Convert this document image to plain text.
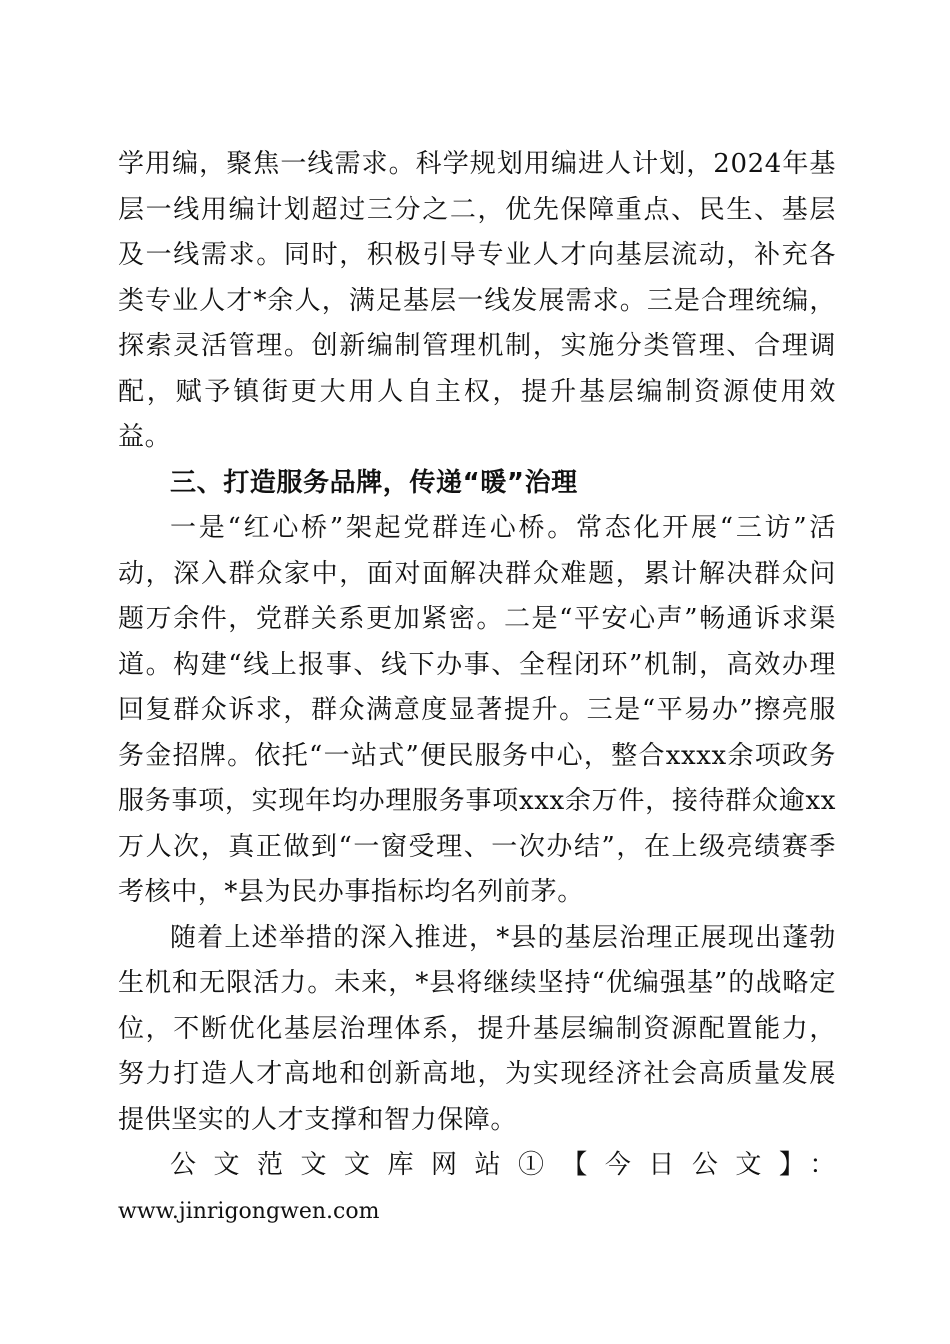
学用编，聚焦一线需求。科学规划用编进人计划，2024年基层一线用编计划超过三分之二，优先保障重点、民生、基层及一线需求。同时，积极引导专业人才向基层流动，补充各类专业人才*余人，满足基层一线发展需求。三是合理统编，探索灵活管理。创新编制管理机制，实施分类管理、合理调配，赋予镇街更大用人自主权，提升基层编制资源使用效益。

三、打造服务品牌，传递“暖”治理

一是“红心桥”架起党群连心桥。常态化开展“三访”活动，深入群众家中，面对面解决群众难题，累计解决群众问题万余件，党群关系更加紧密。二是“平安心声”畅通诉求渠道。构建“线上报事、线下办事、全程闭环”机制，高效办理回复群众诉求，群众满意度显著提升。三是“平易办”擦亮服务金招牌。依托“一站式”便民服务中心，整合xxxx余项政务服务事项，实现年均办理服务事项xxx余万件，接待群众逾xx万人次，真正做到“一窗受理、一次办结”，在上级亮绩赛季考核中，*县为民办事指标均名列前茅。

随着上述举措的深入推进，*县的基层治理正展现出蓬勃生机和无限活力。未来，*县将继续坚持“优编强基”的战略定位，不断优化基层治理体系，提升基层编制资源配置能力，努力打造人才高地和创新高地，为实现经济社会高质量发展提供坚实的人才支撑和智力保障。

公文范文文库网站①【今日公文】：

www.jinrigongwen.com
